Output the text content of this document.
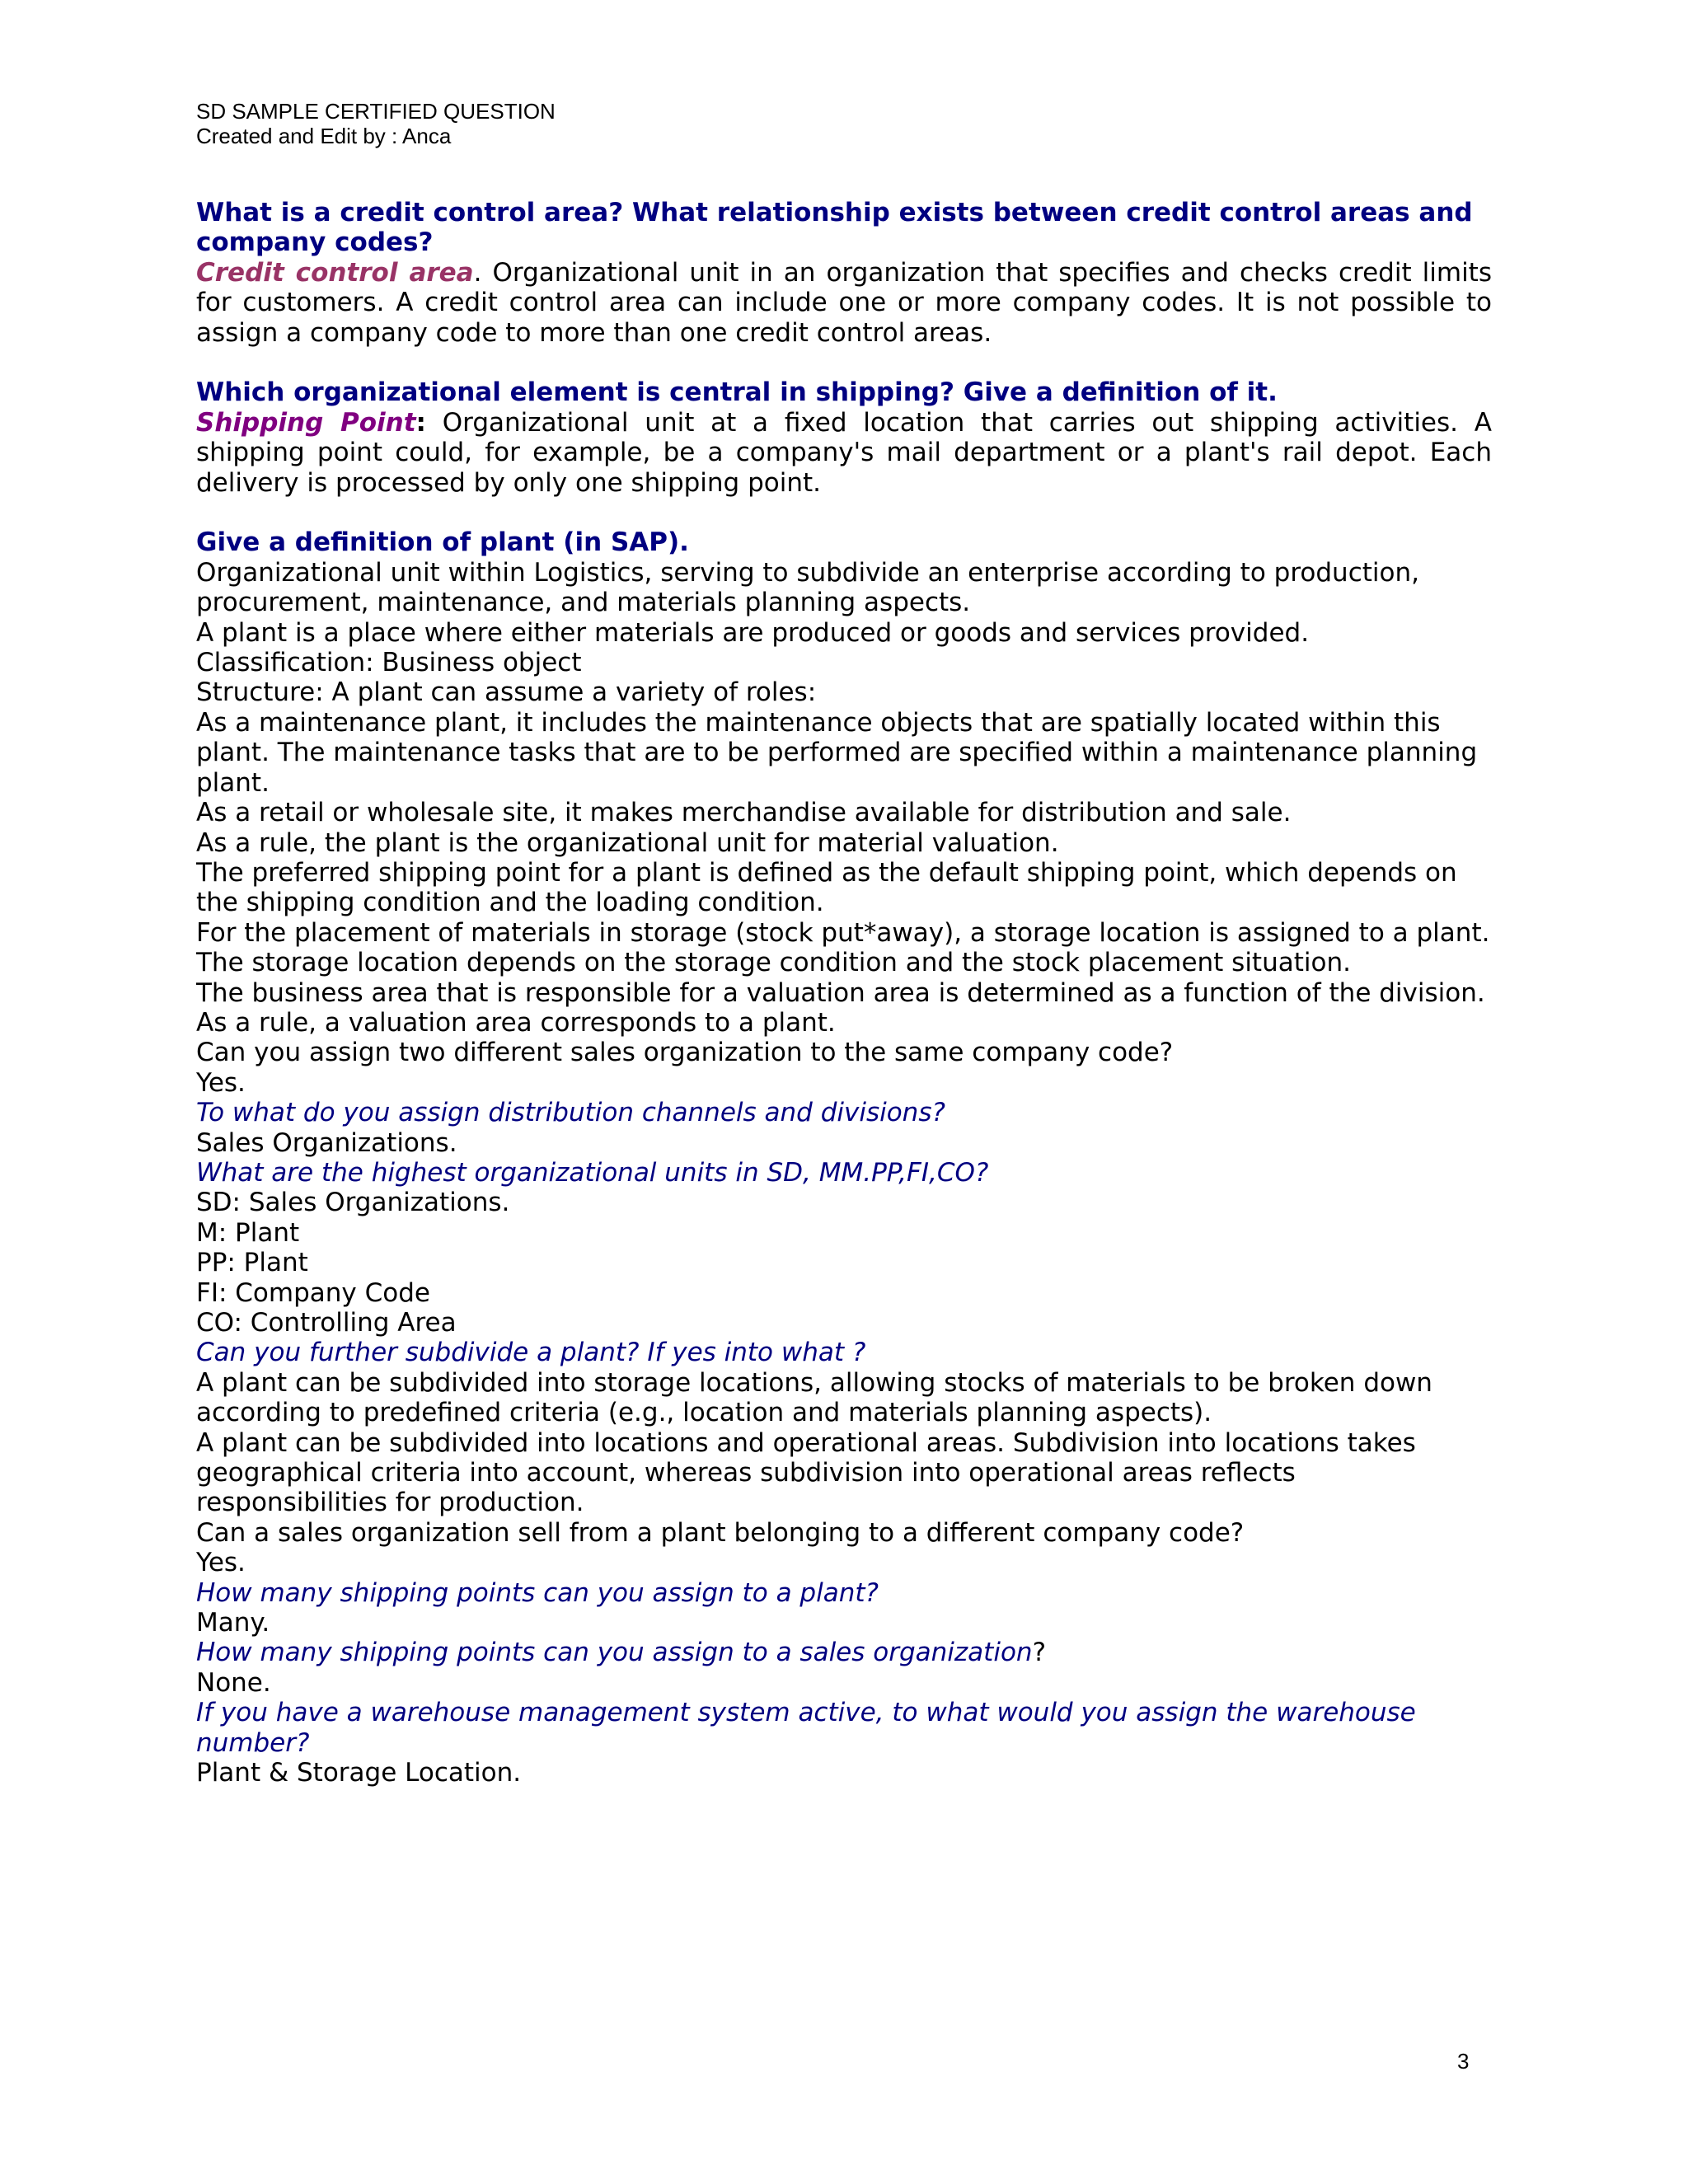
SD SAMPLE CERTIFIED QUESTION
Created and Edit by : Anca

What is a credit control area? What relationship exists between credit control areas and company codes?

Credit control area. Organizational unit in an organization that specifies and checks credit limits for customers. A credit control area can include one or more company codes. It is not possible to assign a company code to more than one credit control areas.

Which organizational element is central in shipping? Give a definition of it.

Shipping Point: Organizational unit at a fixed location that carries out shipping activities. A shipping point could, for example, be a company's mail department or a plant's rail depot. Each delivery is processed by only one shipping point.

Give a definition of plant (in SAP).

Organizational unit within Logistics, serving to subdivide an enterprise according to production, procurement, maintenance, and materials planning aspects.

A plant is a place where either materials are produced or goods and services provided.

Classification: Business object

Structure: A plant can assume a variety of roles:

As a maintenance plant, it includes the maintenance objects that are spatially located within this plant. The maintenance tasks that are to be performed are specified within a maintenance planning plant.

As a retail or wholesale site, it makes merchandise available for distribution and sale.

As a rule, the plant is the organizational unit for material valuation.

The preferred shipping point for a plant is defined as the default shipping point, which depends on the shipping condition and the loading condition.

For the placement of materials in storage (stock put*away), a storage location is assigned to a plant. The storage location depends on the storage condition and the stock placement situation.

The business area that is responsible for a valuation area is determined as a function of the division. As a rule, a valuation area corresponds to a plant.

Can you assign two different sales organization to the same company code?

Yes.

To what do you assign distribution channels and divisions?

Sales Organizations.

What are the highest organizational units in SD, MM.PP,FI,CO?

SD: Sales Organizations.

M: Plant

PP: Plant

FI: Company Code

CO: Controlling Area

Can you further subdivide a plant? If yes into what ?

A plant can be subdivided into storage locations, allowing stocks of materials to be broken down according to predefined criteria (e.g., location and materials planning aspects).

A plant can be subdivided into locations and operational areas. Subdivision into locations takes geographical criteria into account, whereas subdivision into operational areas reflects responsibilities for production.

Can a sales organization sell from a plant belonging to a different company code?

Yes.

How many shipping points can you assign to a plant?

Many.

How many shipping points can you assign to a sales organization?

None.

If you have a warehouse management system active, to what would you assign the warehouse number?

Plant & Storage Location.

3
